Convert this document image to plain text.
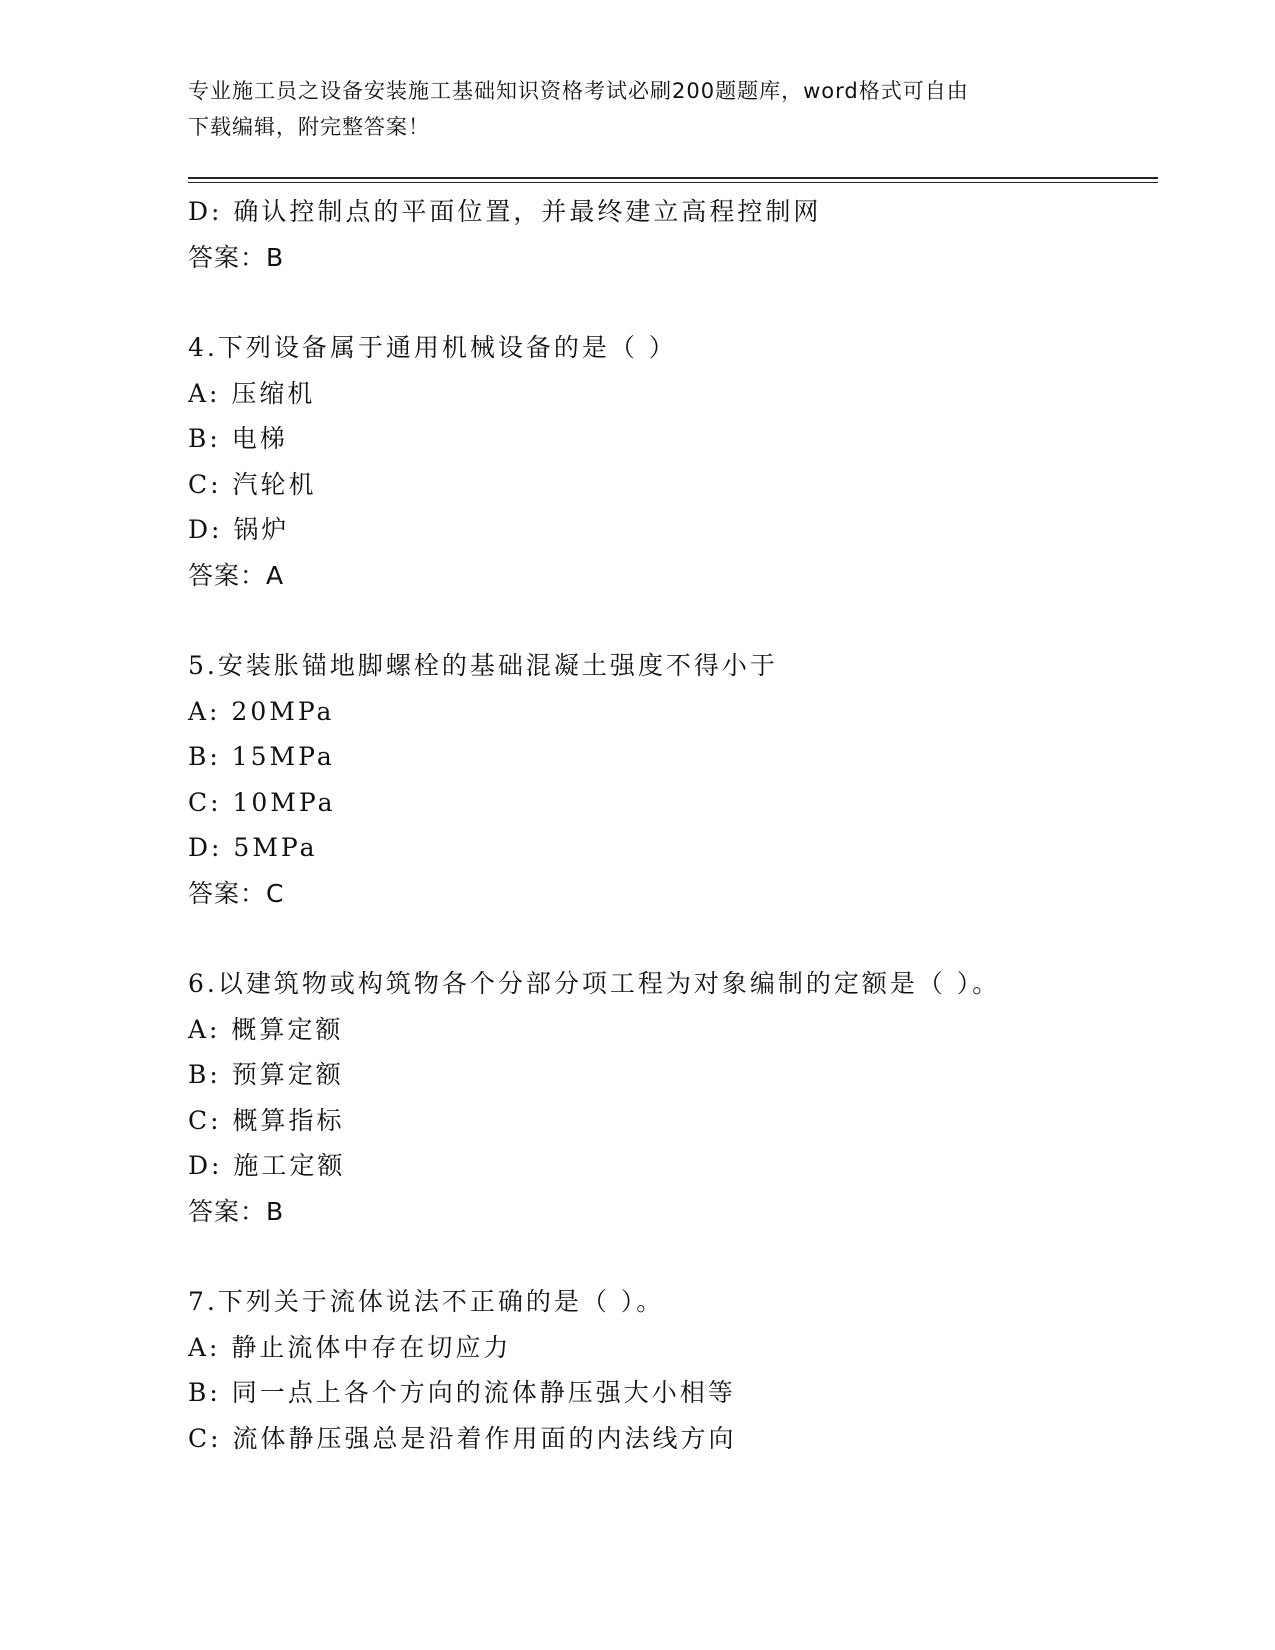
专业施工员之设备安装施工基础知识资格考试必刷200题题库，word格式可自由
下载编辑，附完整答案！
D: 确认控制点的平面位置，并最终建立高程控制网
答案：B
4.下列设备属于通用机械设备的是（ ）
A: 压缩机
B: 电梯
C: 汽轮机
D: 锅炉
答案：A
5.安装胀锚地脚螺栓的基础混凝土强度不得小于
A: 20MPa
B: 15MPa
C: 10MPa
D: 5MPa
答案：C
6.以建筑物或构筑物各个分部分项工程为对象编制的定额是（ ）。
A: 概算定额
B: 预算定额
C: 概算指标
D: 施工定额
答案：B
7.下列关于流体说法不正确的是（ ）。
A: 静止流体中存在切应力
B: 同一点上各个方向的流体静压强大小相等
C: 流体静压强总是沿着作用面的内法线方向
